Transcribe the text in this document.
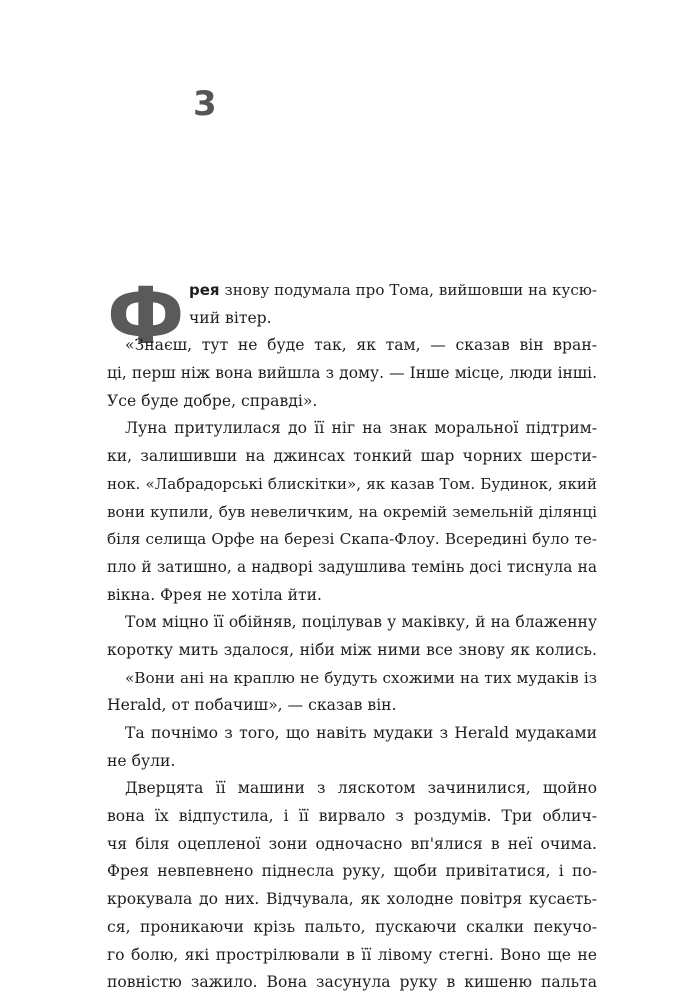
3
Ф рея знову подумала про Тома, вийшовши на кусю-
чий вітер.
«Знаєш, тут не буде так, як там, — сказав він вран-
ці, перш ніж вона вийшла з дому. — Інше місце, люди інші.
Усе буде добре, справді».
Луна притулилася до її ніг на знак моральної підтрим-
ки, залишивши на джинсах тонкий шар чорних шерсти-
нок. «Лабрадорські блискітки», як казав Том. Будинок, який
вони купили, був невеличким, на окремій земельній ділянці
біля селища Орфе на березі Скапа-Флоу. Всередині було те-
пло й затишно, а надворі задушлива темінь досі тиснула на
вікна. Фрея не хотіла йти.
Том міцно її обійняв, поцілував у маківку, й на блаженну
коротку мить здалося, ніби між ними все знову як колись.
«Вони ані на краплю не будуть схожими на тих мудаків із
Herald, от побачиш», — сказав він.
Та почнімо з того, що навіть мудаки з Herald мудаками
не були.
Дверцята її машини з ляскотом зачинилися, щойно
вона їх відпустила, і її вирвало з роздумів. Три облич-
чя біля оцепленої зони одночасно вп'ялися в неї очима.
Фрея невпевнено піднесла руку, щоби привітатися, і по-
крокувала до них. Відчувала, як холодне повітря кусаєть-
ся, проникаючи крізь пальто, пускаючи скалки пекучо-
го болю, які прострілювали в її лівому стегні. Воно ще не
повністю зажило. Вона засунула руку в кишеню пальта
